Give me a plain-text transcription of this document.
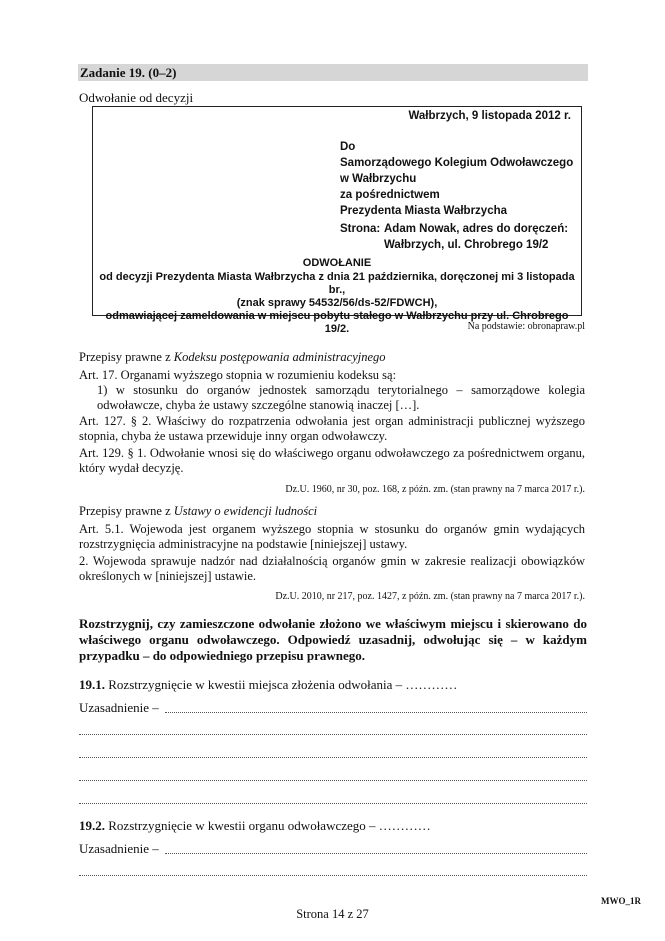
Zadanie 19. (0–2)
Odwołanie od decyzji
Wałbrzych, 9 listopada 2012 r.
Do
Samorządowego Kolegium Odwoławczego
w Wałbrzychu
za pośrednictwem
Prezydenta Miasta Wałbrzycha
Strona: Adam Nowak, adres do doręczeń:
Wałbrzych, ul. Chrobrego 19/2
ODWOŁANIE
od decyzji Prezydenta Miasta Wałbrzycha z dnia 21 października, doręczonej mi 3 listopada br.,
(znak sprawy 54532/56/ds-52/FDWCH),
odmawiającej zameldowania w miejscu pobytu stałego w Wałbrzychu przy ul. Chrobrego 19/2.	Na podstawie: obronapraw.pl
Przepisy prawne z Kodeksu postępowania administracyjnego
Art. 17. Organami wyższego stopnia w rozumieniu kodeksu są:
1) w stosunku do organów jednostek samorządu terytorialnego – samorządowe kolegia odwoławcze, chyba że ustawy szczególne stanowią inaczej […].
Art. 127. § 2. Właściwy do rozpatrzenia odwołania jest organ administracji publicznej wyższego stopnia, chyba że ustawa przewiduje inny organ odwoławczy.
Art. 129. § 1. Odwołanie wnosi się do właściwego organu odwoławczego za pośrednictwem organu, który wydał decyzję.
Dz.U. 1960, nr 30, poz. 168, z późn. zm. (stan prawny na 7 marca 2017 r.).
Przepisy prawne z Ustawy o ewidencji ludności
Art. 5.1. Wojewoda jest organem wyższego stopnia w stosunku do organów gmin wydających rozstrzygnięcia administracyjne na podstawie [niniejszej] ustawy.
2. Wojewoda sprawuje nadzór nad działalnością organów gmin w zakresie realizacji obowiązków określonych w [niniejszej] ustawie.
Dz.U. 2010, nr 217, poz. 1427, z późn. zm. (stan prawny na 7 marca 2017 r.).
Rozstrzygnij, czy zamieszczone odwołanie złożono we właściwym miejscu i skierowano do właściwego organu odwoławczego. Odpowiedź uzasadnij, odwołując się – w każdym przypadku – do odpowiedniego przepisu prawnego.
19.1. Rozstrzygnięcie w kwestii miejsca złożenia odwołania – …………
Uzasadnienie –
19.2. Rozstrzygnięcie w kwestii organu odwoławczego – …………
Uzasadnienie –
MWO_1R
Strona 14 z 27
